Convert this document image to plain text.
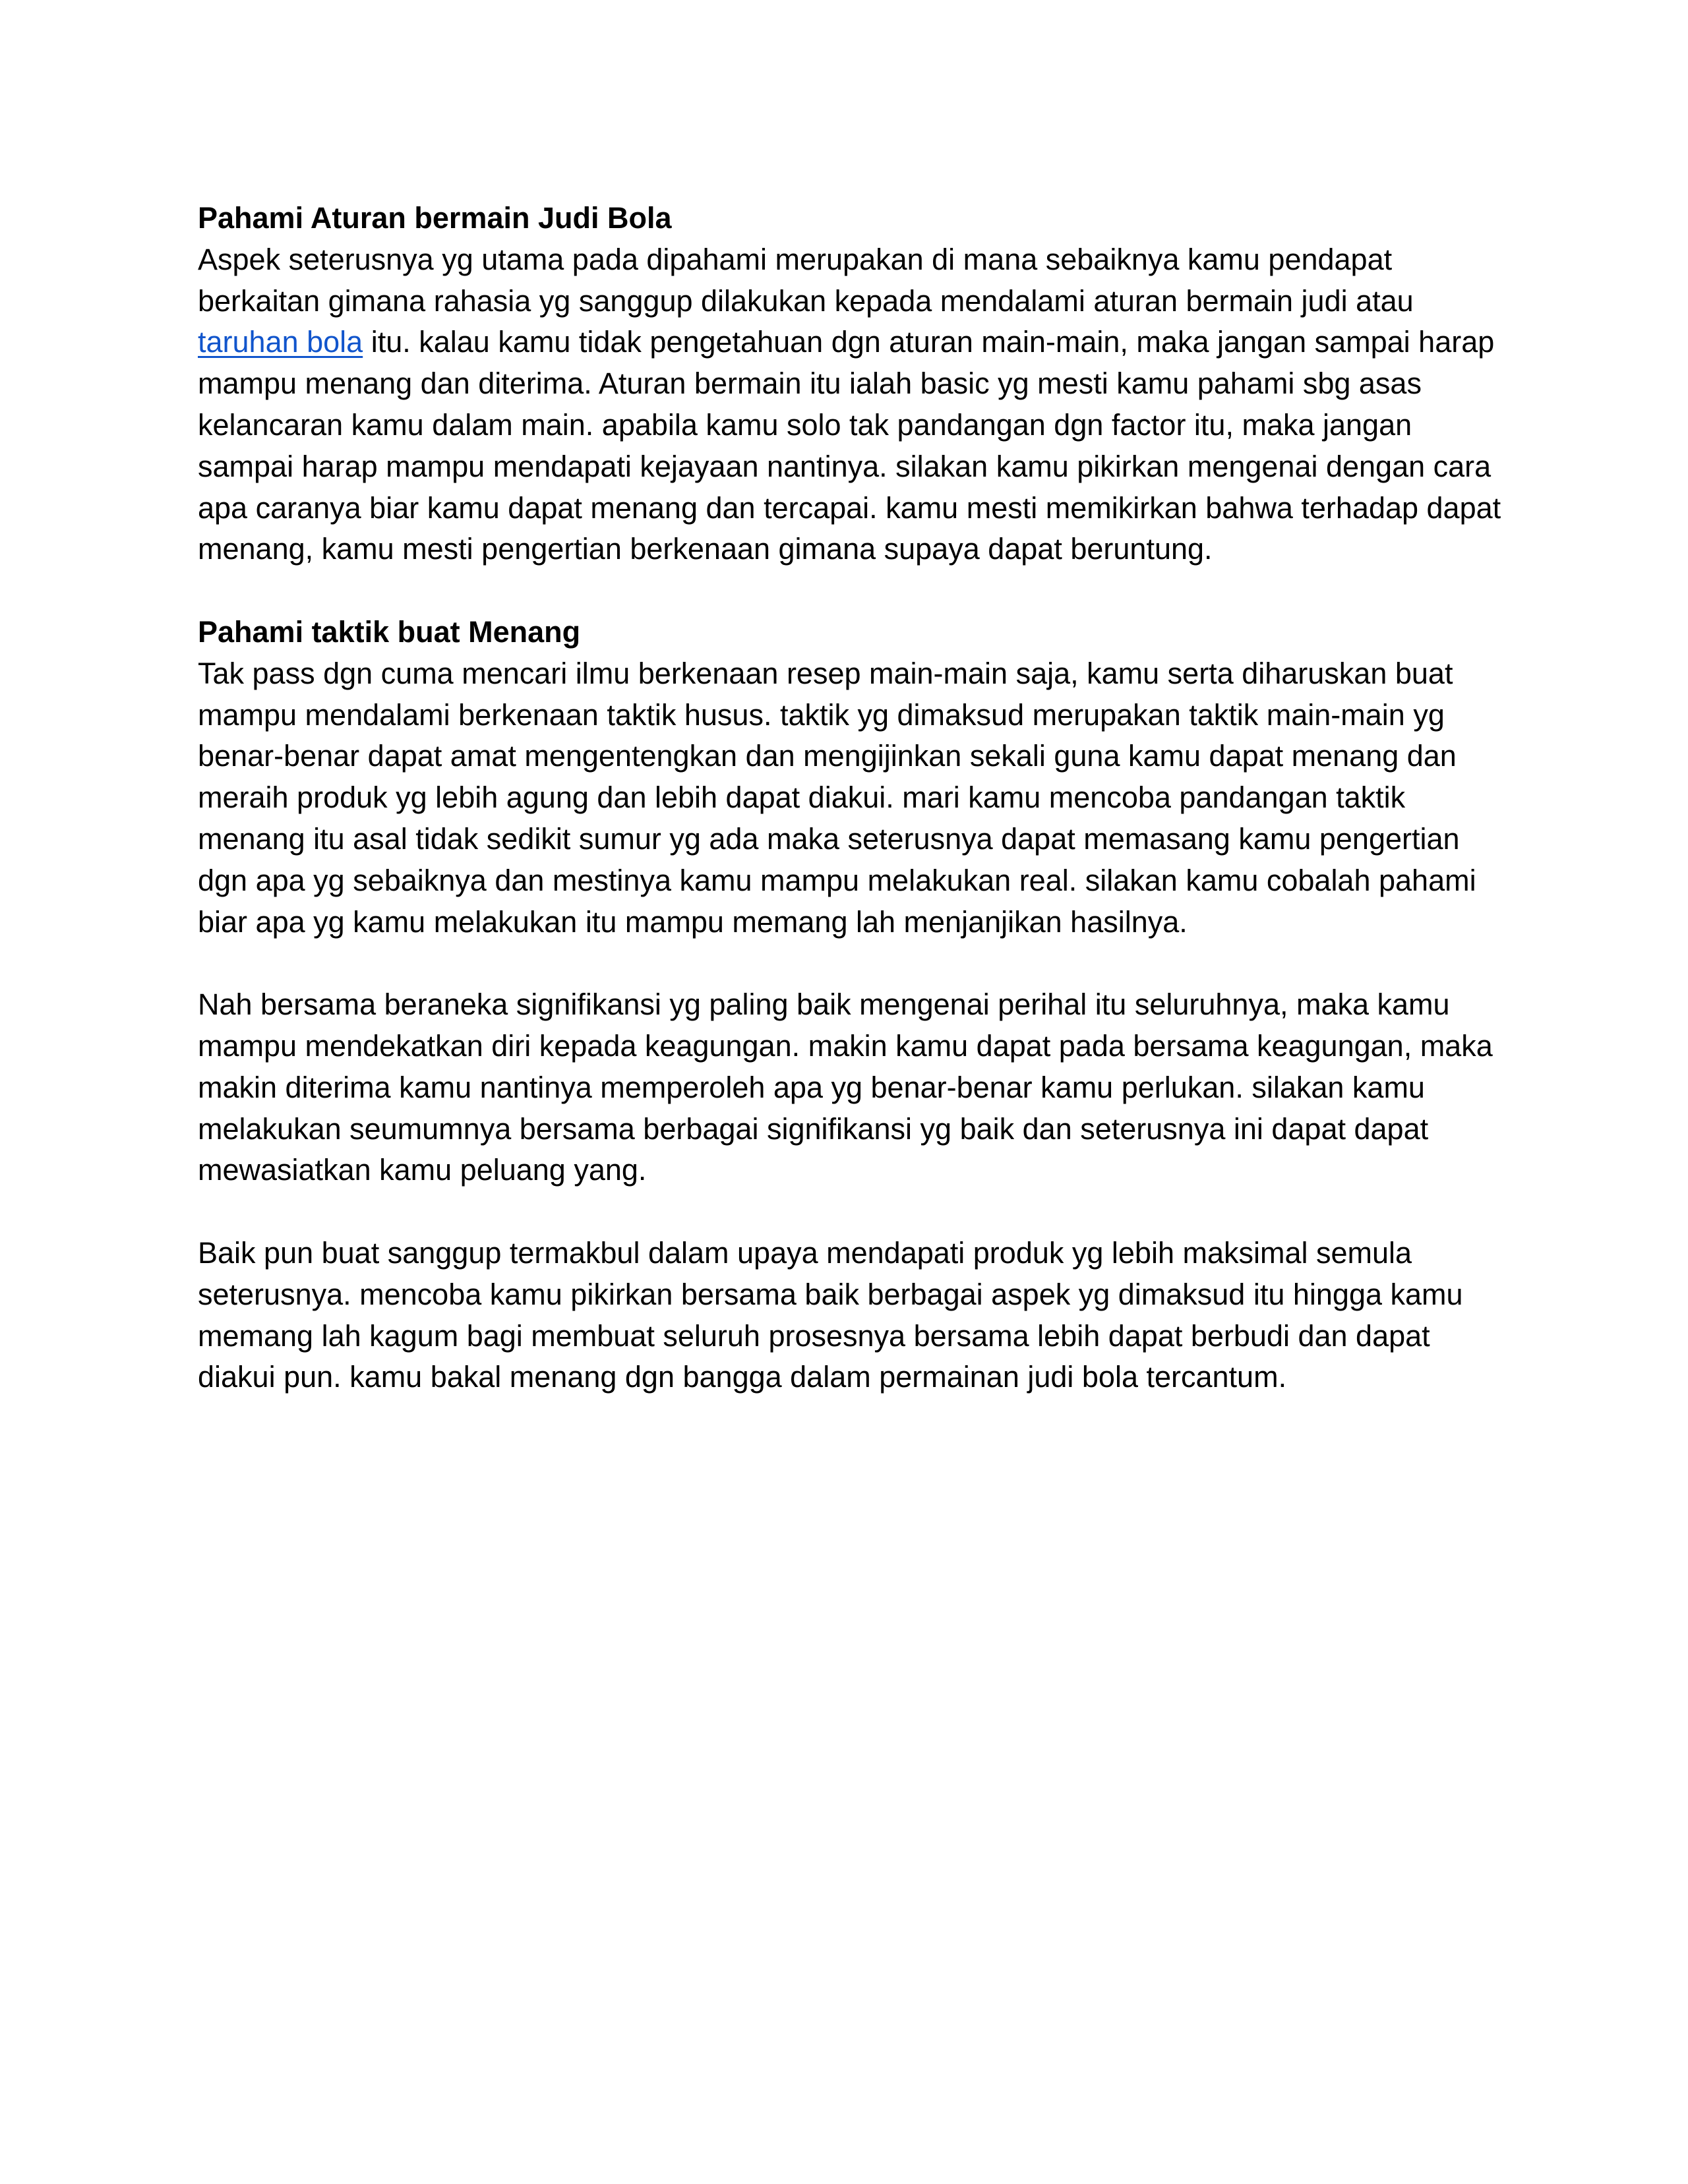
Pahami Aturan bermain Judi Bola

Aspek seterusnya yg utama pada dipahami merupakan di mana sebaiknya kamu pendapat berkaitan gimana rahasia yg sanggup dilakukan kepada mendalami aturan bermain judi atau taruhan bola itu. kalau kamu tidak pengetahuan dgn aturan main-main, maka jangan sampai harap mampu menang dan diterima. Aturan bermain itu ialah basic yg mesti kamu pahami sbg asas kelancaran kamu dalam main. apabila kamu solo tak pandangan dgn factor itu, maka jangan sampai harap mampu mendapati kejayaan nantinya. silakan kamu pikirkan mengenai dengan cara apa caranya biar kamu dapat menang dan tercapai. kamu mesti memikirkan bahwa terhadap dapat menang, kamu mesti pengertian berkenaan gimana supaya dapat beruntung.

Pahami taktik buat Menang

Tak pass dgn cuma mencari ilmu berkenaan resep main-main saja, kamu serta diharuskan buat mampu mendalami berkenaan taktik husus. taktik yg dimaksud merupakan taktik main-main yg benar-benar dapat amat mengentengkan dan mengijinkan sekali guna kamu dapat menang dan meraih produk yg lebih agung dan lebih dapat diakui. mari kamu mencoba pandangan taktik menang itu asal tidak sedikit sumur yg ada maka seterusnya dapat memasang kamu pengertian dgn apa yg sebaiknya dan mestinya kamu mampu melakukan real. silakan kamu cobalah pahami biar apa yg kamu melakukan itu mampu memang lah menjanjikan hasilnya.

Nah bersama beraneka signifikansi yg paling baik mengenai perihal itu seluruhnya, maka kamu mampu mendekatkan diri kepada keagungan. makin kamu dapat pada bersama keagungan, maka makin diterima kamu nantinya memperoleh apa yg benar-benar kamu perlukan. silakan kamu melakukan seumumnya bersama berbagai signifikansi yg baik dan seterusnya ini dapat dapat mewasiatkan kamu peluang yang.

Baik pun buat sanggup termakbul dalam upaya mendapati produk yg lebih maksimal semula seterusnya. mencoba kamu pikirkan bersama baik berbagai aspek yg dimaksud itu hingga kamu memang lah kagum bagi membuat seluruh prosesnya bersama lebih dapat berbudi dan dapat diakui pun. kamu bakal menang dgn bangga dalam permainan judi bola tercantum.
